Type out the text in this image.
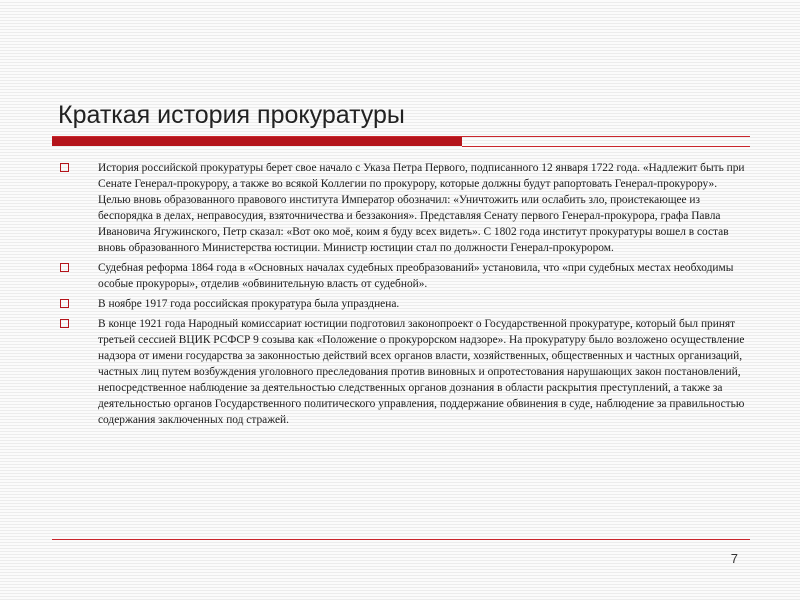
Краткая история прокуратуры
История российской прокуратуры берет свое начало с Указа Петра Первого, подписанного 12 января 1722 года. «Надлежит быть при Сенате Генерал-прокурору, а также во всякой Коллегии по прокурору, которые должны будут рапортовать Генерал-прокурору». Целью вновь образованного правового института Император обозначил: «Уничтожить или ослабить зло, проистекающее из беспорядка в делах, неправосудия, взяточничества и беззакония». Представляя Сенату первого Генерал-прокурора, графа Павла Ивановича Ягужинского, Петр сказал: «Вот око моё, коим я буду всех видеть». С 1802 года институт прокуратуры вошел в состав вновь образованного Министерства юстиции. Министр юстиции стал по должности Генерал-прокурором.
Судебная реформа 1864 года в «Основных началах судебных преобразований» установила, что «при судебных местах необходимы особые прокуроры», отделив «обвинительную власть от судебной».
В ноябре 1917 года российская прокуратура была упразднена.
В конце 1921 года Народный комиссариат юстиции подготовил законопроект о Государственной прокуратуре, который был принят третьей сессией ВЦИК РСФСР 9 созыва как «Положение о прокурорском надзоре». На прокуратуру было возложено осуществление надзора от имени государства за законностью действий всех органов власти, хозяйственных, общественных и частных организаций, частных лиц путем возбуждения уголовного преследования против виновных и опротестования нарушающих закон постановлений, непосредственное наблюдение за деятельностью следственных органов дознания в области раскрытия преступлений, а также за деятельностью органов Государственного политического управления, поддержание обвинения в суде, наблюдение за правильностью содержания заключенных под стражей.
7
